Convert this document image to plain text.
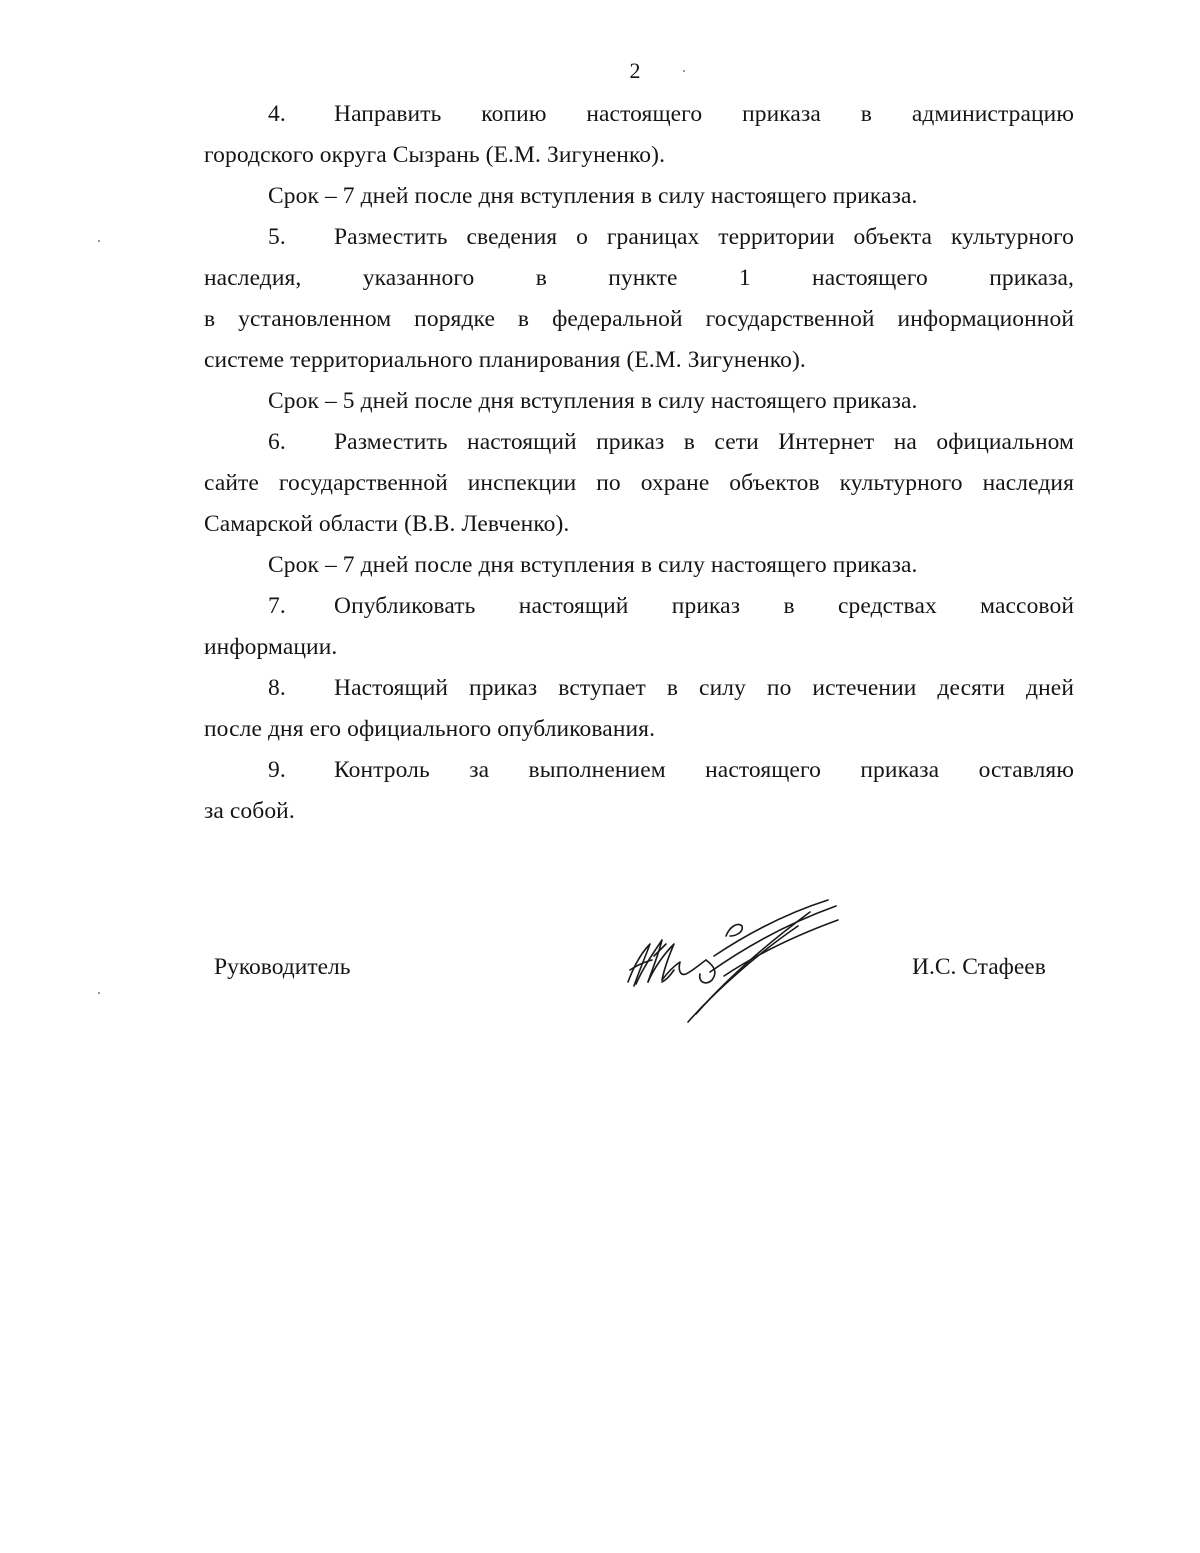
2

4. Направить копию настоящего приказа в администрацию
городского округа Сызрань (Е.М. Зигуненко).

Срок – 7 дней после дня вступления в силу настоящего приказа.

5. Разместить сведения о границах территории объекта культурного
наследия, указанного в пункте 1 настоящего приказа,
в установленном порядке в федеральной государственной информационной
системе территориального планирования (Е.М. Зигуненко).

Срок – 5 дней после дня вступления в силу настоящего приказа.

6. Разместить настоящий приказ в сети Интернет на официальном
сайте государственной инспекции по охране объектов культурного наследия
Самарской области (В.В. Левченко).

Срок – 7 дней после дня вступления в силу настоящего приказа.

7. Опубликовать настоящий приказ в средствах массовой
информации.

8. Настоящий приказ вступает в силу по истечении десяти дней
после дня его официального опубликования.

9. Контроль за выполнением настоящего приказа оставляю
за собой.

Руководитель	И.С. Стафеев
